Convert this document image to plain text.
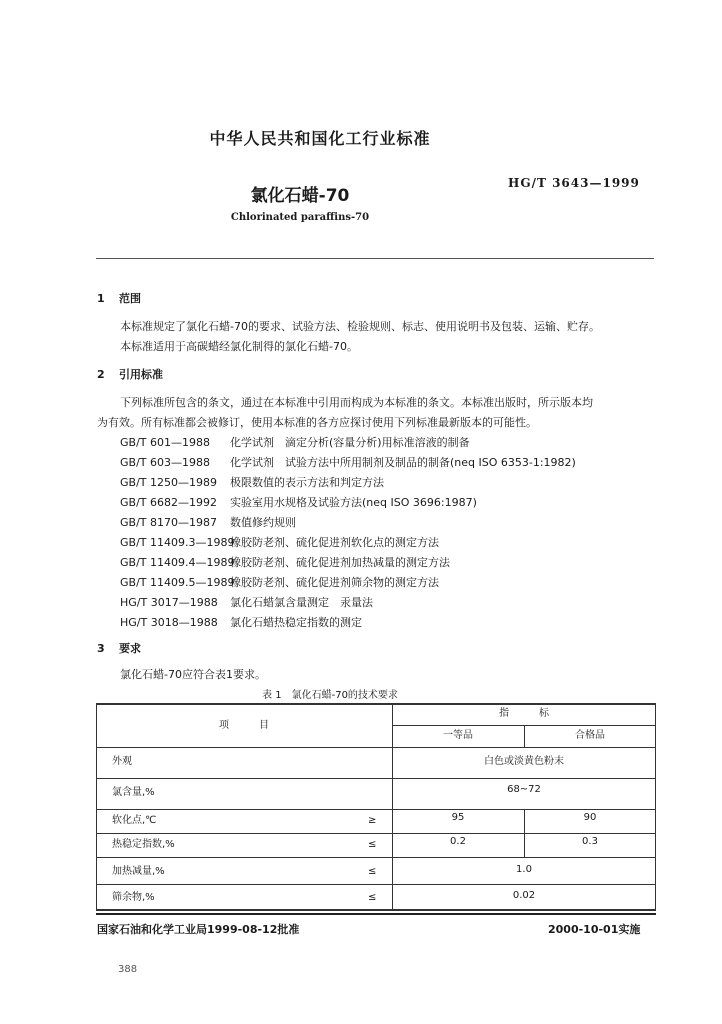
中华人民共和国化工行业标准
氯化石蜡-70
HG/T 3643—1999
Chlorinated paraffins-70
1 范围
本标准规定了氯化石蜡-70的要求、试验方法、检验规则、标志、使用说明书及包装、运输、贮存。
本标准适用于高碳蜡经氯化制得的氯化石蜡-70。
2 引用标准
下列标准所包含的条文，通过在本标准中引用而构成为本标准的条文。本标准出版时，所示版本均
为有效。所有标准都会被修订，使用本标准的各方应探讨使用下列标准最新版本的可能性。
GB/T 601—1988 化学试剂　滴定分析(容量分析)用标准溶液的制备
GB/T 603—1988 化学试剂　试验方法中所用制剂及制品的制备(neq ISO 6353-1:1982)
GB/T 1250—1989 极限数值的表示方法和判定方法
GB/T 6682—1992 实验室用水规格及试验方法(neq ISO 3696:1987)
GB/T 8170—1987 数值修约规则
GB/T 11409.3—1989橡胶防老剂、硫化促进剂软化点的测定方法
GB/T 11409.4—1989橡胶防老剂、硫化促进剂加热减量的测定方法
GB/T 11409.5—1989橡胶防老剂、硫化促进剂筛余物的测定方法
HG/T 3017—1988 氯化石蜡氯含量测定　汞量法
HG/T 3018—1988 氯化石蜡热稳定指数的测定
3 要求
氯化石蜡-70应符合表1要求。
表 1　氯化石蜡-70的技术要求
项　　　目
指　　　标
一等品	合格品
外观	白色或淡黄色粉末
氯含量,%	68~72
软化点,℃	≥	95	90
热稳定指数,%	≤	0.2	0.3
加热减量,%	≤	1.0
筛余物,%	≤	0.02
国家石油和化学工业局1999-08-12批准	2000-10-01实施
388
